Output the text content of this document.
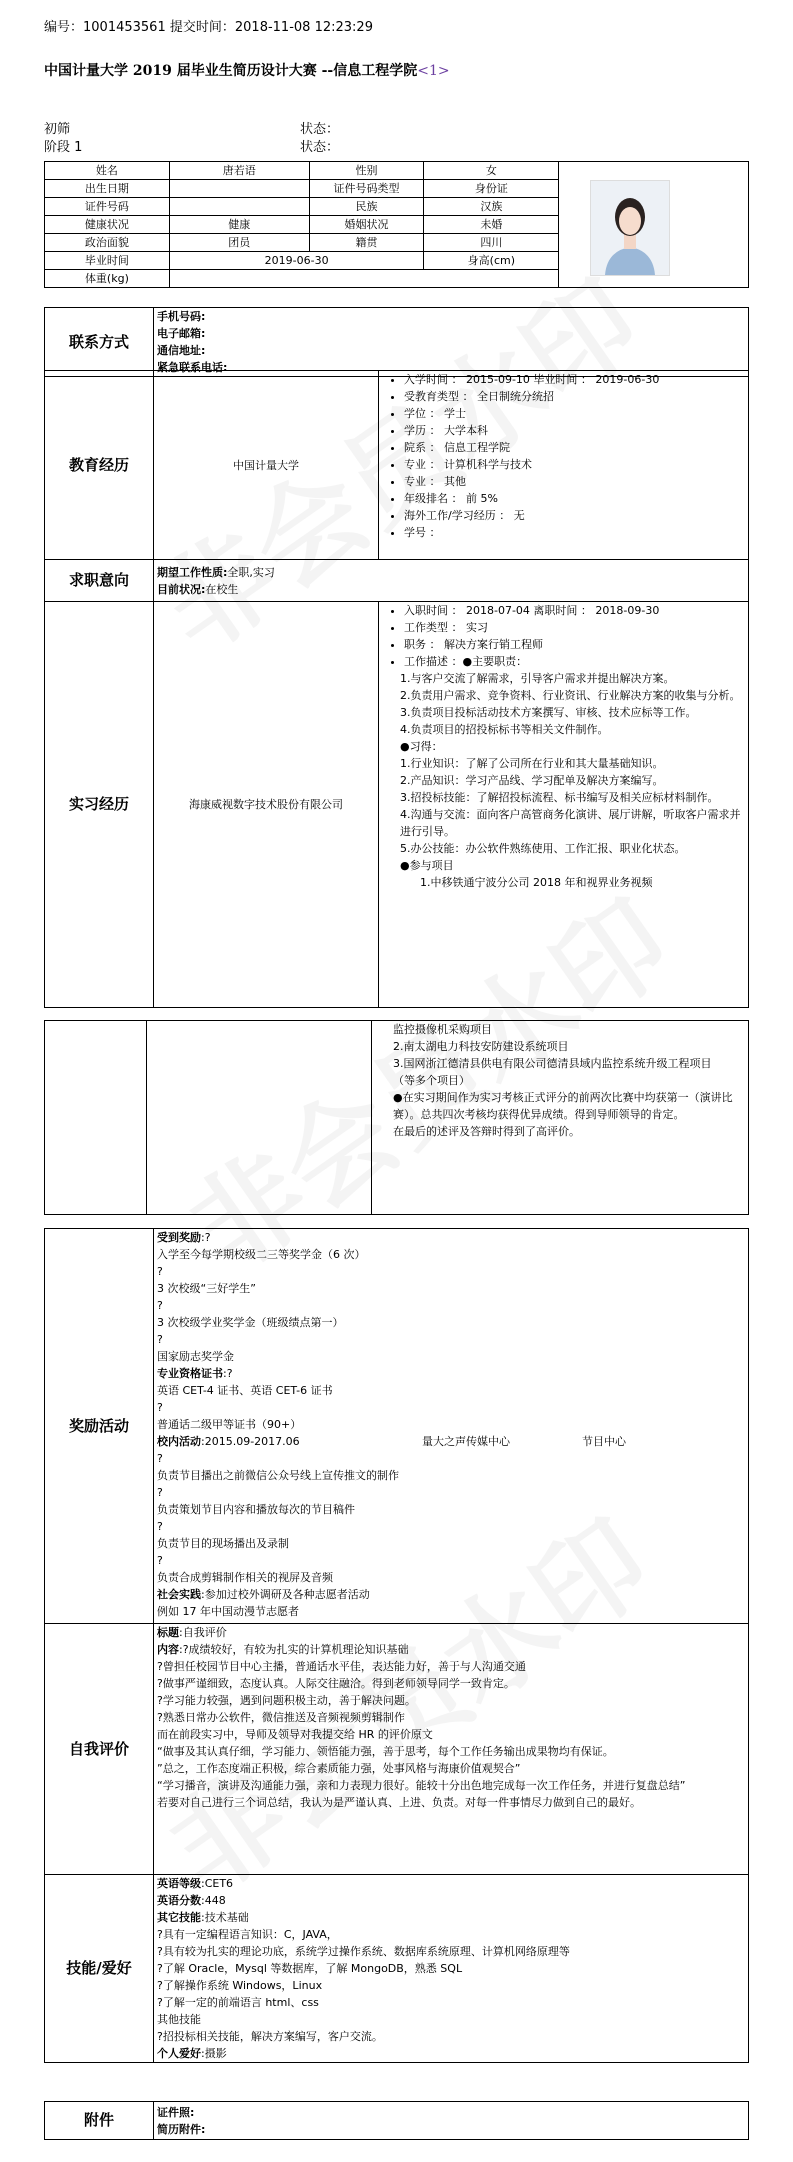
编号：1001453561 提交时间：2018-11-08 12:23:29
中国计量大学 2019 届毕业生简历设计大赛 --信息工程学院<1>
初筛	状态：
阶段 1	状态：
姓名	唐若语	性别	女	
出生日期		证件号码类型	身份证	
证件号码		民族	汉族	
健康状况	健康	婚姻状况	未婚	
政治面貌	团员	籍贯	四川	
毕业时间	2019-06-30		身高(cm)	
体重(kg)				
联系方式	
手机号码:
电子邮箱:
通信地址:
紧急联系电话:
教育经历	中国计量大学	
• 入学时间 ： 2015-09-10 毕业时间 ： 2019-06-30
• 受教育类型 ： 全日制统分统招
• 学位 ： 学士
• 学历 ： 大学本科
• 院系 ： 信息工程学院
• 专业 ： 计算机科学与技术
• 专业 ： 其他
• 年级排名 ： 前 5%
• 海外工作/学习经历 ： 无
• 学号 ：
求职意向	期望工作性质:全职,实习
目前状况:在校生
实习经历	海康威视数字技术股份有限公司	
• 入职时间 ： 2018-07-04 离职时间 ： 2018-09-30
• 工作类型 ： 实习
• 职务 ： 解决方案行销工程师
• 工作描述 ：●主要职责：
1.与客户交流了解需求，引导客户需求并提出解决方案。
2.负责用户需求、竞争资料、行业资讯、行业解决方案的收集与分析。
3.负责项目投标活动技术方案撰写、审核、技术应标等工作。
4.负责项目的招投标标书等相关文件制作。
●习得：
1.行业知识：了解了公司所在行业和其大量基础知识。
2.产品知识：学习产品线、学习配单及解决方案编写。
3.招投标技能：了解招投标流程、标书编写及相关应标材料制作。
4.沟通与交流：面向客户高管商务化演讲、展厅讲解，听取客户需求并进行引导。
5.办公技能：办公软件熟练使用、工作汇报、职业化状态。
●参与项目
1.中移铁通宁波分公司 2018 年和视界业务视频

监控摄像机采购项目
2.南太湖电力科技安防建设系统项目
3.国网浙江德清县供电有限公司德清县域内监控系统升级工程项目
（等多个项目）
●在实习期间作为实习考核正式评分的前两次比赛中均获第一（演讲比赛）。总共四次考核均获得优异成绩。得到导师领导的肯定。
在最后的述评及答辩时得到了高评价。
奖励活动	
受到奖励:?
入学至今每学期校级二三等奖学金（6 次）
?
3 次校级“三好学生”
?
3 次校级学业奖学金（班级绩点第一）
?
国家励志奖学金
专业资格证书:?
英语 CET-4 证书、英语 CET-6 证书
?
普通话二级甲等证书（90+）
校内活动:2015.09-2017.06	量大之声传媒中心	节目中心
?
负责节目播出之前微信公众号线上宣传推文的制作
?
负责策划节目内容和播放每次的节目稿件
?
负责节目的现场播出及录制
?
负责合成剪辑制作相关的视屏及音频
社会实践:参加过校外调研及各种志愿者活动
例如 17 年中国动漫节志愿者
自我评价	
标题:自我评价
内容:?成绩较好，有较为扎实的计算机理论知识基础
?曾担任校园节目中心主播，普通话水平佳，表达能力好，善于与人沟通交通
?做事严谨细致，态度认真。人际交往融洽。得到老师领导同学一致肯定。
?学习能力较强，遇到问题积极主动，善于解决问题。
?熟悉日常办公软件，微信推送及音频视频剪辑制作
而在前段实习中，导师及领导对我提交给 HR 的评价原文
“做事及其认真仔细，学习能力、领悟能力强，善于思考，每个工作任务输出成果物均有保证。
”总之，工作态度端正积极，综合素质能力强，处事风格与海康价值观契合”
“学习播音，演讲及沟通能力强，亲和力表现力很好。能较十分出色地完成每一次工作任务，并进行复盘总结”
若要对自己进行三个词总结，我认为是严谨认真、上进、负责。对每一件事情尽力做到自己的最好。
技能/爱好	
英语等级:CET6
英语分数:448
其它技能:技术基础
?具有一定编程语言知识：C，JAVA，
?具有较为扎实的理论功底，系统学过操作系统、数据库系统原理、计算机网络原理等
?了解 Oracle，Mysql 等数据库，了解 MongoDB，熟悉 SQL
?了解操作系统 Windows，Linux
?了解一定的前端语言 html、css
其他技能
?招投标相关技能，解决方案编写，客户交流。
个人爱好:摄影
附件	证件照:
简历附件:
